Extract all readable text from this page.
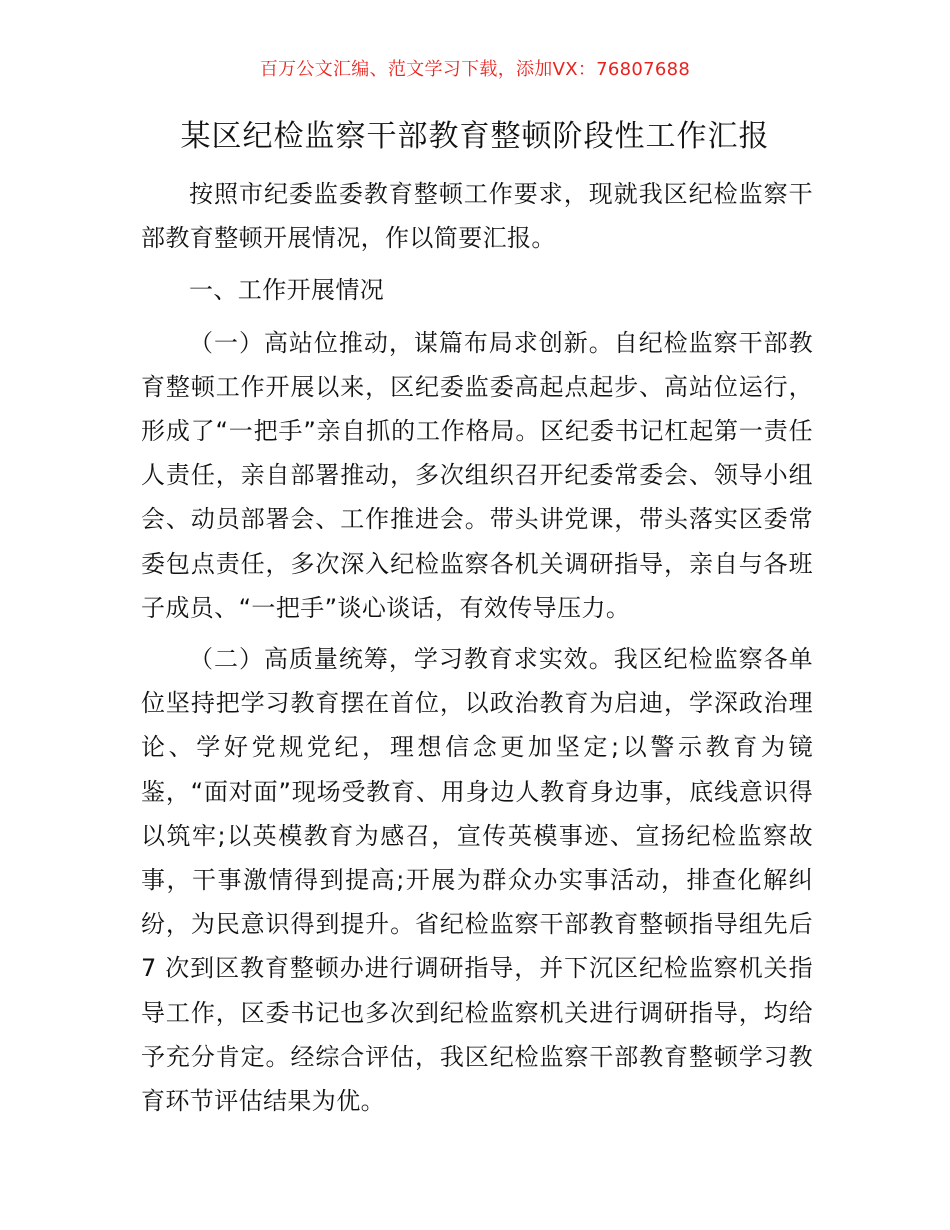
百万公文汇编、范文学习下载，添加VX：76807688
某区纪检监察干部教育整顿阶段性工作汇报

按照市纪委监委教育整顿工作要求，现就我区纪检监察干部教育整顿开展情况，作以简要汇报。

一、工作开展情况

（一）高站位推动，谋篇布局求创新。自纪检监察干部教育整顿工作开展以来，区纪委监委高起点起步、高站位运行，形成了“一把手”亲自抓的工作格局。区纪委书记杠起第一责任人责任，亲自部署推动，多次组织召开纪委常委会、领导小组会、动员部署会、工作推进会。带头讲党课，带头落实区委常委包点责任，多次深入纪检监察各机关调研指导，亲自与各班子成员、“一把手”谈心谈话，有效传导压力。

（二）高质量统筹，学习教育求实效。我区纪检监察各单位坚持把学习教育摆在首位，以政治教育为启迪，学深政治理论、学好党规党纪，理想信念更加坚定;以警示教育为镜鉴，“面对面”现场受教育、用身边人教育身边事，底线意识得以筑牢;以英模教育为感召，宣传英模事迹、宣扬纪检监察故事，干事激情得到提高;开展为群众办实事活动，排查化解纠纷，为民意识得到提升。省纪检监察干部教育整顿指导组先后 7 次到区教育整顿办进行调研指导，并下沉区纪检监察机关指导工作，区委书记也多次到纪检监察机关进行调研指导，均给予充分肯定。经综合评估，我区纪检监察干部教育整顿学习教育环节评估结果为优。
